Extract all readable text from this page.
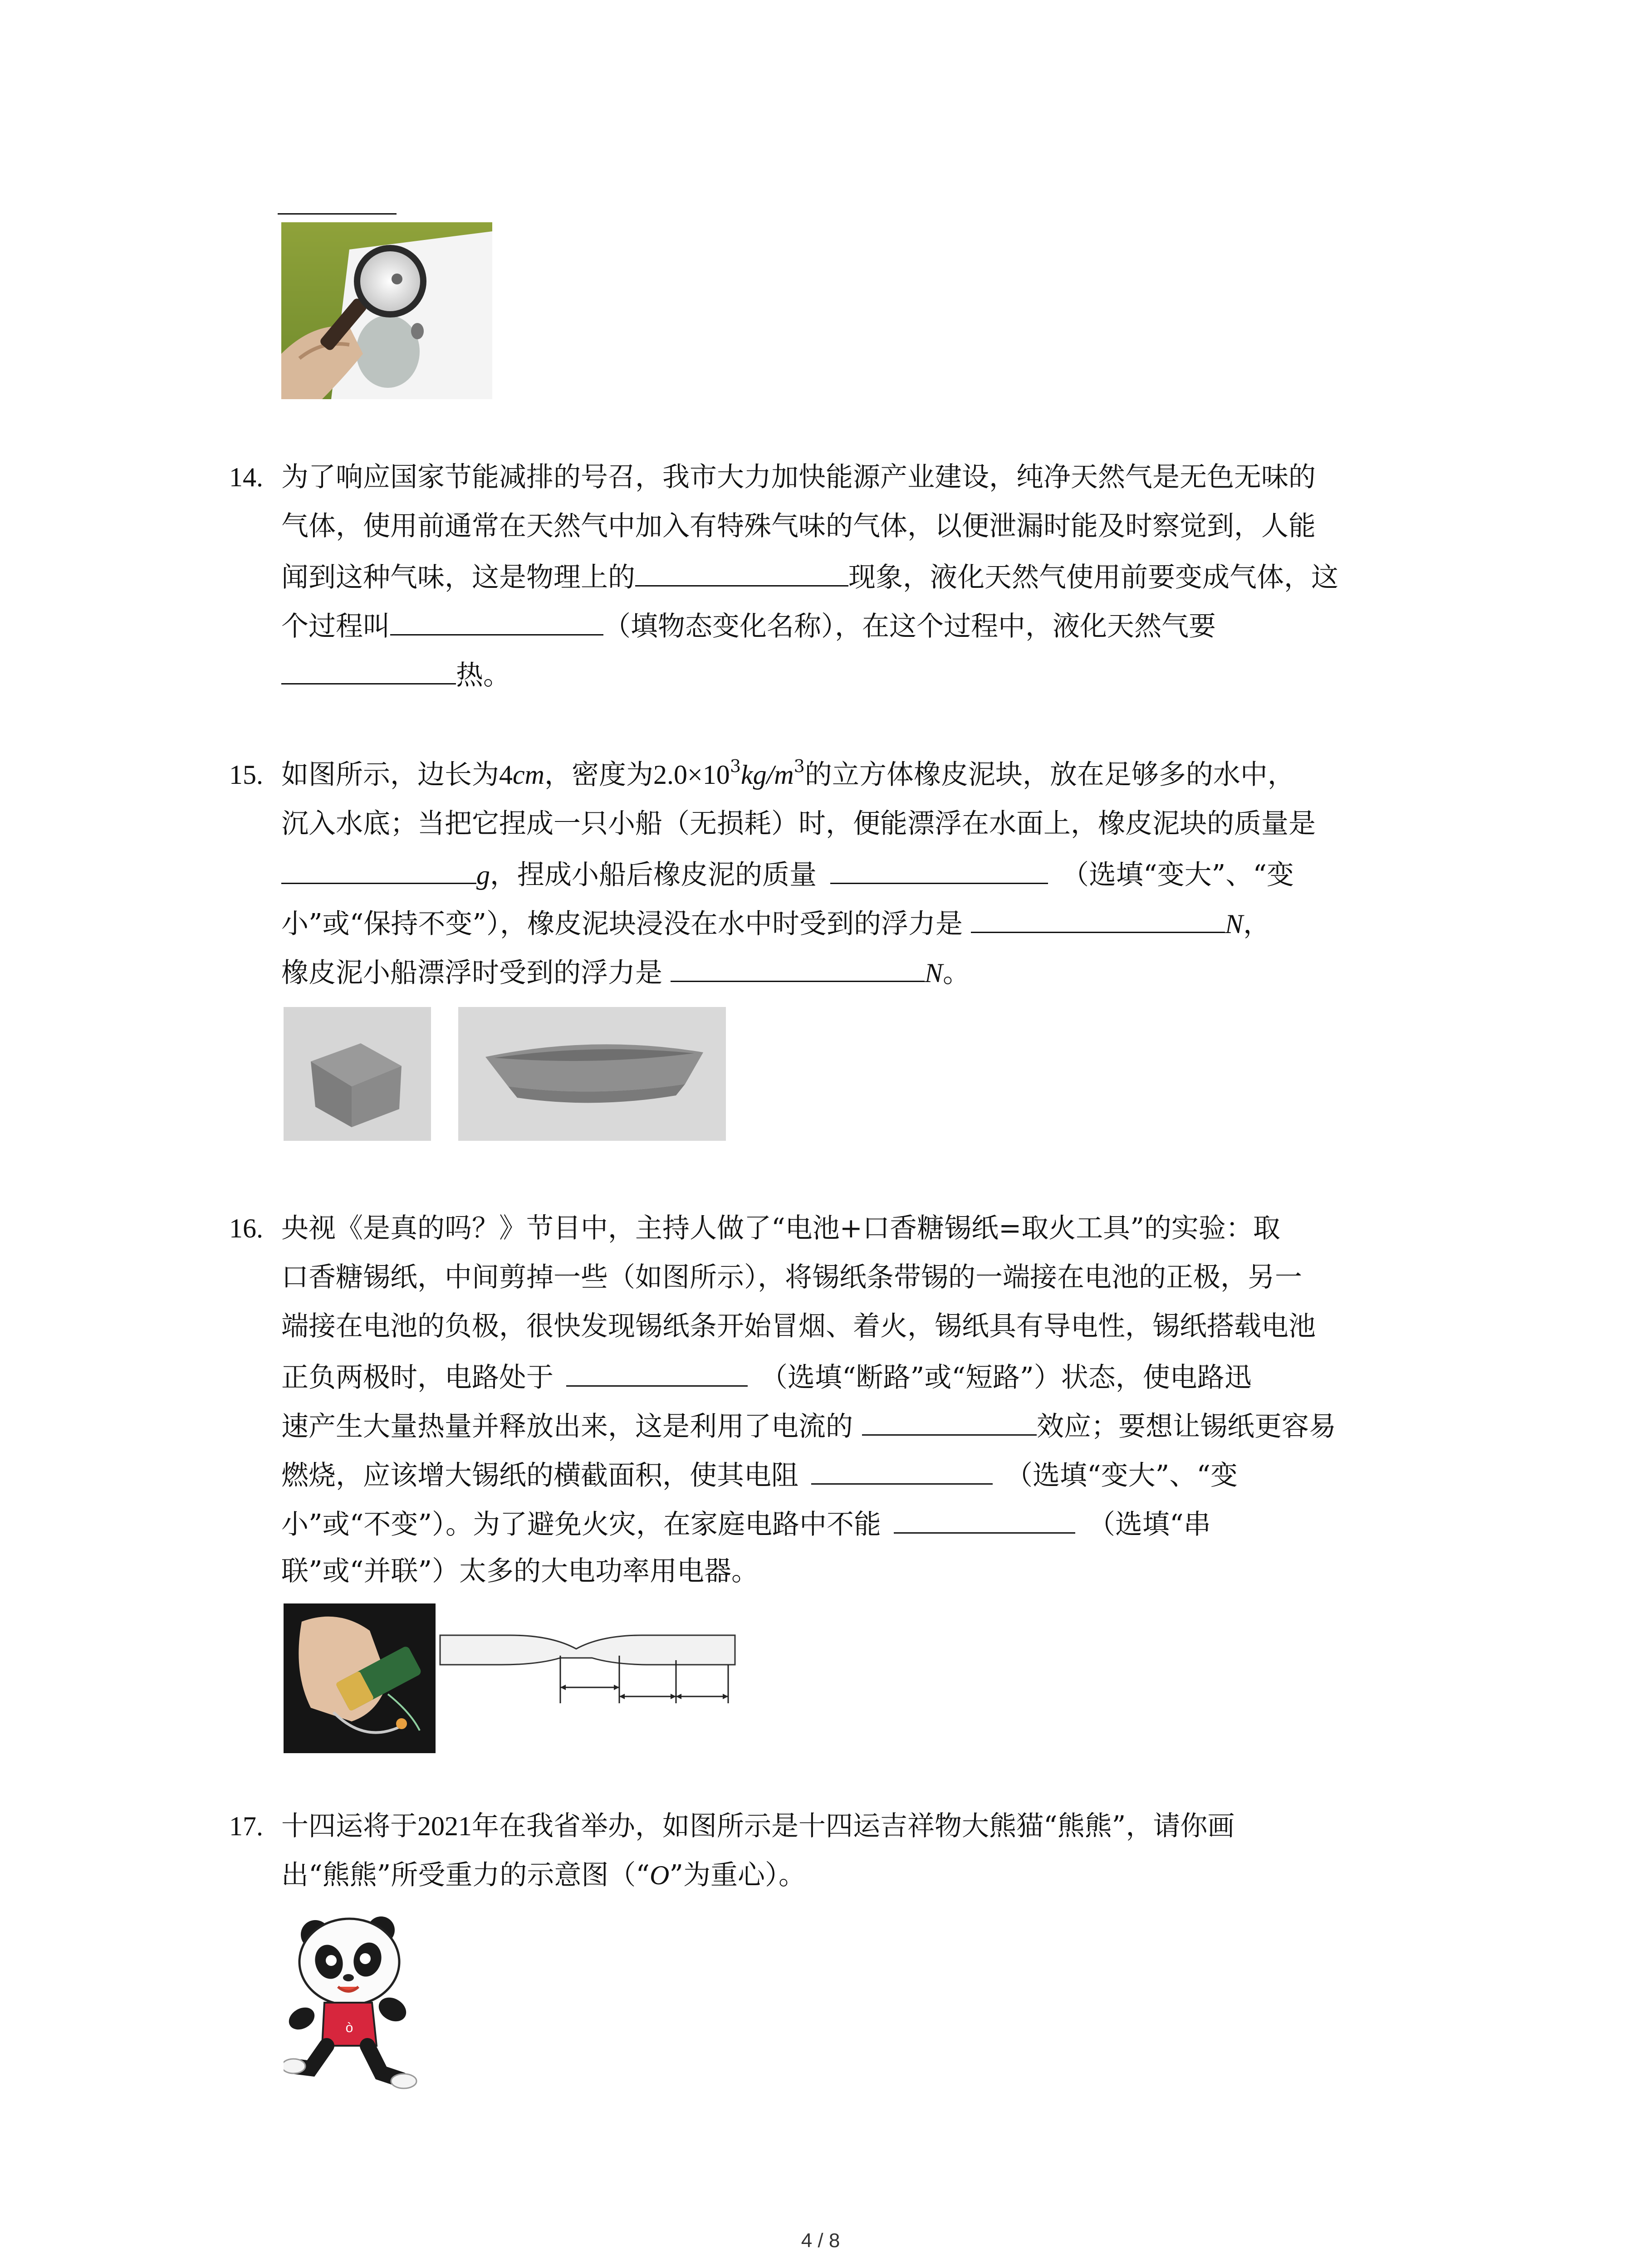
14. 为了响应国家节能减排的号召，我市大力加快能源产业建设，纯净天然气是无色无味的
气体，使用前通常在天然气中加入有特殊气味的气体，以便泄漏时能及时察觉到，人能
闻到这种气味，这是物理上的	现象，液化天然气使用前要变成气体，这
个过程叫	（填物态变化名称），在这个过程中，液化天然气要
热。
15. 如图所示，边长为4cm，密度为$2.0\times 10^3kg/m^3$的立方体橡皮泥块，放在足够多的水中，
沉入水底；当把它捏成一只小船（无损耗）时，便能漂浮在水面上，橡皮泥块的质量是
g，捏成小船后橡皮泥的质量	（选填“变大”、“变
小”或“保持不变”），橡皮泥块浸没在水中时受到的浮力是	N，
橡皮泥小船漂浮时受到的浮力是	N。
16. 央视《是真的吗？》节目中，主持人做了“电池+口香糖锡纸=取火工具”的实验：取
口香糖锡纸，中间剪掉一些（如图所示），将锡纸条带锡的一端接在电池的正极，另一
端接在电池的负极，很快发现锡纸条开始冒烟、着火，锡纸具有导电性，锡纸搭载电池
正负两极时，电路处于	（选填“断路”或“短路”）状态，使电路迅
速产生大量热量并释放出来，这是利用了电流的	效应；要想让锡纸更容易
燃烧，应该增大锡纸的横截面积，使其电阻	（选填“变大”、“变
小”或“不变”）。为了避免火灾，在家庭电路中不能	（选填“串
联”或“并联”）太多的大电功率用电器。
17. 十四运将于2021年在我省举办，如图所示是十四运吉祥物大熊猫“熊熊”，请你画
出“熊熊”所受重力的示意图（“O”为重心）。
ò
4 / 8
